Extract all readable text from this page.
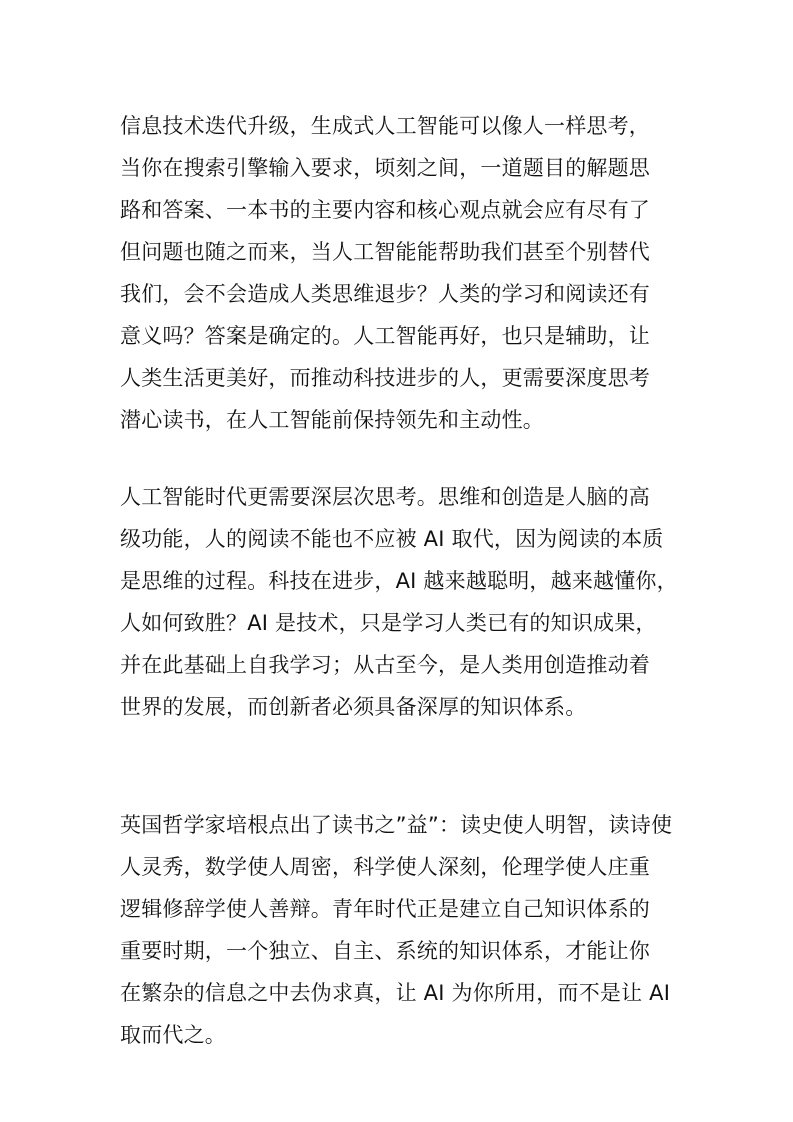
信息技术迭代升级，生成式人工智能可以像人一样思考，
当你在搜索引擎输入要求，顷刻之间，一道题目的解题思
路和答案、一本书的主要内容和核心观点就会应有尽有了
但问题也随之而来，当人工智能能帮助我们甚至个别替代
我们，会不会造成人类思维退步？人类的学习和阅读还有
意义吗？答案是确定的。人工智能再好，也只是辅助，让
人类生活更美好，而推动科技进步的人，更需要深度思考
潜心读书，在人工智能前保持领先和主动性。
人工智能时代更需要深层次思考。思维和创造是人脑的高
级功能，人的阅读不能也不应被 AI 取代，因为阅读的本质
是思维的过程。科技在进步，AI 越来越聪明，越来越懂你，
人如何致胜？AI 是技术，只是学习人类已有的知识成果，
并在此基础上自我学习；从古至今，是人类用创造推动着
世界的发展，而创新者必须具备深厚的知识体系。
英国哲学家培根点出了读书之”益”：读史使人明智，读诗使
人灵秀，数学使人周密，科学使人深刻，伦理学使人庄重
逻辑修辞学使人善辩。青年时代正是建立自己知识体系的
重要时期，一个独立、自主、系统的知识体系，才能让你
在繁杂的信息之中去伪求真，让 AI 为你所用，而不是让 AI
取而代之。
